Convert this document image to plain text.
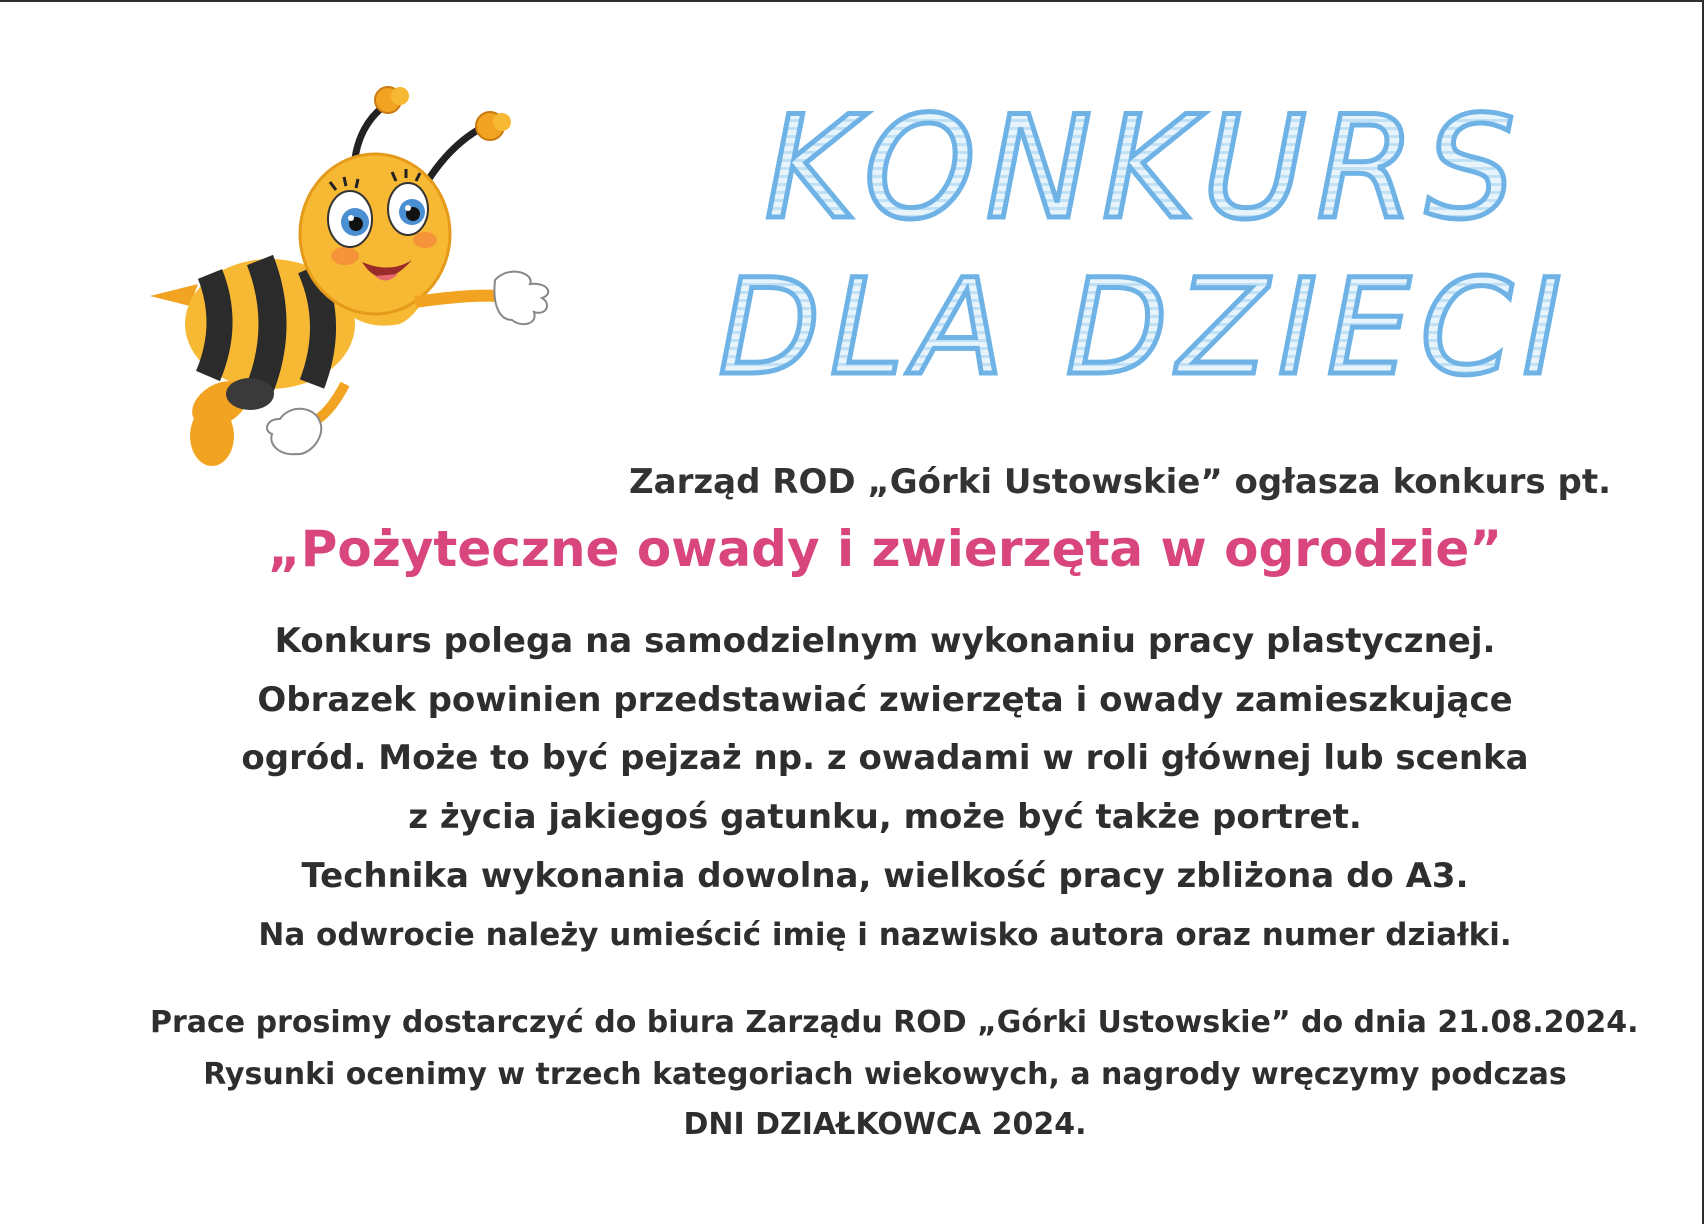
KONKURS
DLA DZIECI
Zarząd ROD „Górki Ustowskie” ogłasza konkurs pt.
„Pożyteczne owady i zwierzęta w ogrodzie”
Konkurs polega na samodzielnym wykonaniu pracy plastycznej.
Obrazek powinien przedstawiać zwierzęta i owady zamieszkujące
ogród. Może to być pejzaż np. z owadami w roli głównej lub scenka
z życia jakiegoś gatunku, może być także portret.
Technika wykonania dowolna, wielkość pracy zbliżona do A3.
Na odwrocie należy umieścić imię i nazwisko autora oraz numer działki.
Prace prosimy dostarczyć do biura Zarządu ROD „Górki Ustowskie” do dnia 21.08.2024.
Rysunki ocenimy w trzech kategoriach wiekowych, a nagrody wręczymy podczas
DNI DZIAŁKOWCA 2024.
